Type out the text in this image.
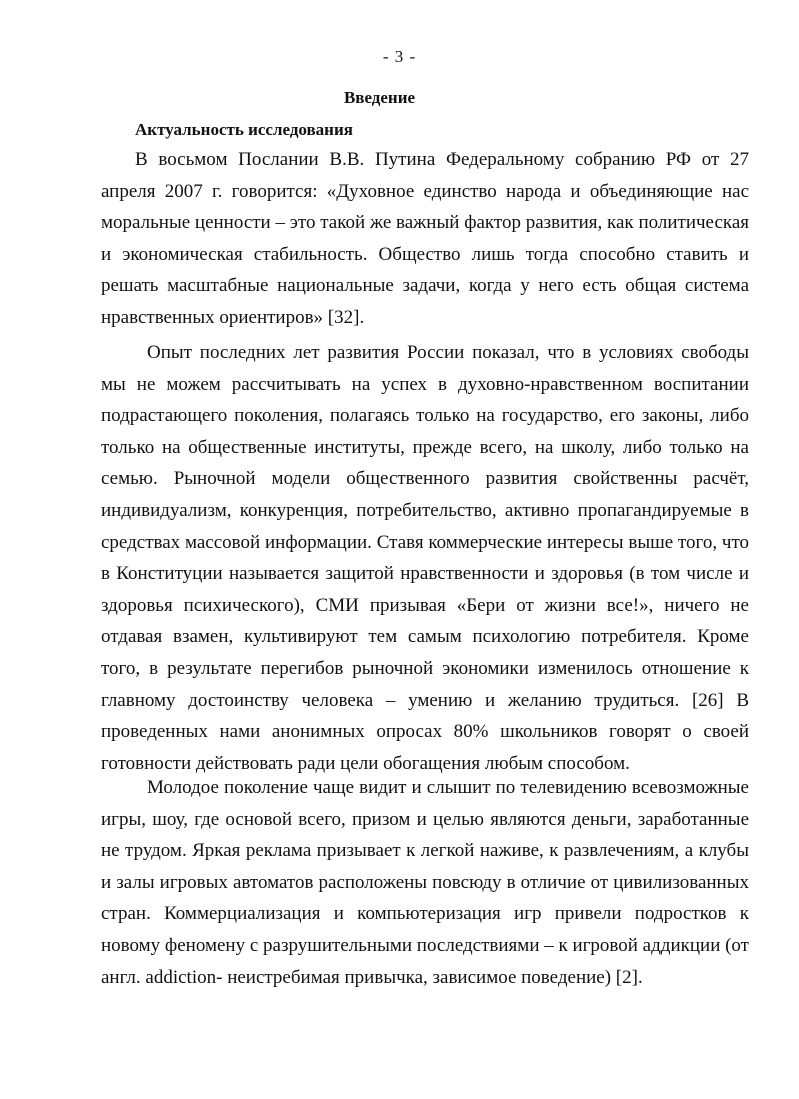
- 3 -
Введение
Актуальность исследования

В восьмом Послании В.В. Путина Федеральному собранию РФ от 27 апреля 2007 г. говорится: «Духовное единство народа и объединяющие нас моральные ценности – это такой же важный фактор развития, как политическая и экономическая стабильность. Общество лишь тогда способно ставить и решать масштабные национальные задачи, когда у него есть общая система нравственных ориентиров» [32].

Опыт последних лет развития России показал, что в условиях свободы мы не можем рассчитывать на успех в духовно-нравственном воспитании подрастающего поколения, полагаясь только на государство, его законы, либо только на общественные институты, прежде всего, на школу, либо только на семью. Рыночной модели общественного развития свойственны расчёт, индивидуализм, конкуренция, потребительство, активно пропагандируемые в средствах массовой информации. Ставя коммерческие интересы выше того, что в Конституции называется защитой нравственности и здоровья (в том числе и здоровья психического), СМИ призывая «Бери от жизни все!», ничего не отдавая взамен, культивируют тем самым психологию потребителя. Кроме того, в результате перегибов рыночной экономики изменилось отношение к главному достоинству человека – умению и желанию трудиться. [26] В проведенных нами анонимных опросах 80% школьников говорят о своей готовности действовать ради цели обогащения любым способом.

Молодое поколение чаще видит и слышит по телевидению всевозможные игры, шоу, где основой всего, призом и целью являются деньги, заработанные не трудом. Яркая реклама призывает к легкой наживе, к развлечениям, а клубы и залы игровых автоматов расположены повсюду в отличие от цивилизованных стран. Коммерциализация и компьютеризация игр привели подростков к новому феномену с разрушительными последствиями – к игровой аддикции (от англ. addiction- неистребимая привычка, зависимое поведение) [2].
